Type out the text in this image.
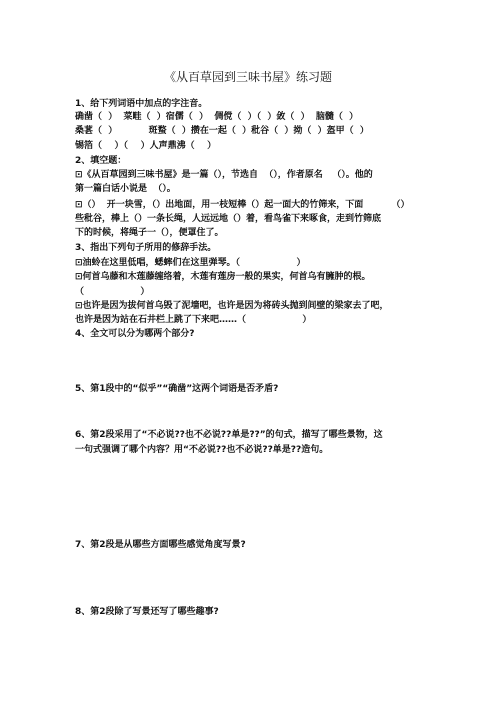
《从百草园到三味书屋》练习题
1、给下列词语中加点的字注音。
确凿（  ）  菜畦（  ）宿儒（  ）  倜傥（  ）（  ）敛（  ）  脑髓（  ）
桑葚（  ）          斑蝥（  ）攒在一起（  ）秕谷（  ）拗（  ）盔甲（  ）
锡箔（    ）（    ）人声鼎沸（    ）
2、填空题：
⊡《从百草园到三味书屋》是一篇（），节选自  （），作者原名   （）。他的
第一篇白话小说是  （）。
⊡（）  开一块雪，（）出地面，用一枝短棒（）起一面大的竹筛来，下面         （）
些秕谷，棒上（）一条长绳，人远远地（）着，看鸟雀下来啄食，走到竹筛底
下的时候，将绳子一（），便罩住了。
3、指出下列句子所用的修辞手法。
⊡油蛉在这里低唱，蟋蟀们在这里弹琴。（                  ）
⊡何首乌藤和木莲藤缠络着，木莲有莲房一般的果实，何首乌有臃肿的根。
（                  ）
⊡也许是因为拔何首乌毁了泥墙吧，也许是因为将砖头抛到间壁的梁家去了吧，
也许是因为站在石井栏上跳了下来吧……（                  ）
4、全文可以分为哪两个部分?
5、第1段中的“似乎”“确凿”这两个词语是否矛盾?
6、第2段采用了“不必说??也不必说??单是??”的句式，描写了哪些景物，这
一句式强调了哪个内容？用“不必说??也不必说??单是??造句。
7、第2段是从哪些方面哪些感觉角度写景?
8、第2段除了写景还写了哪些趣事?
